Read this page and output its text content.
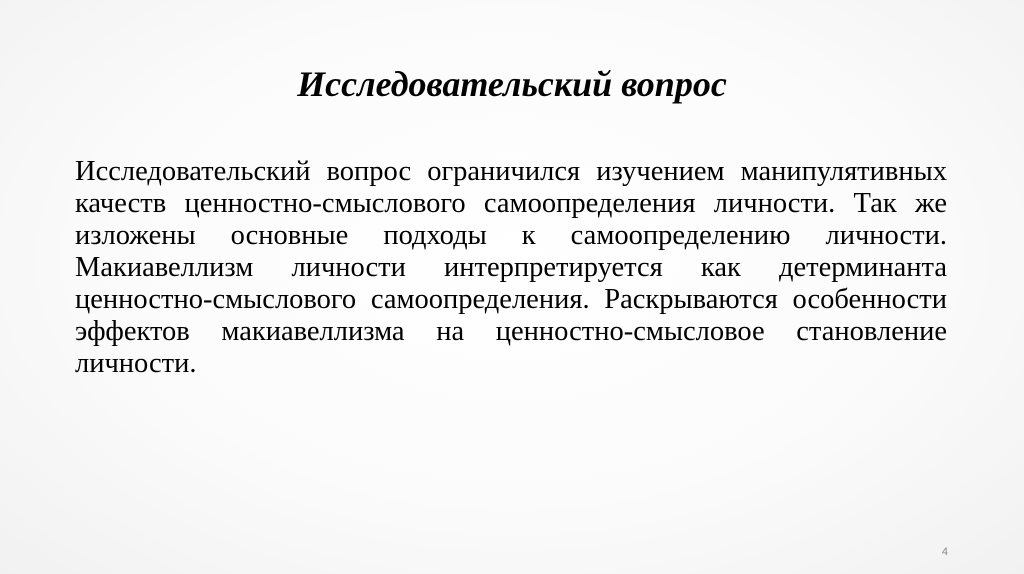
Исследовательский вопрос

Исследовательский вопрос ограничился изучением манипулятивных качеств ценностно-смыслового самоопределения личности. Так же изложены основные подходы к самоопределению личности. Макиавеллизм личности интерпретируется как детерминанта ценностно-смыслового самоопределения. Раскрываются особенности эффектов макиавеллизма на ценностно-смысловое становление личности.

4
